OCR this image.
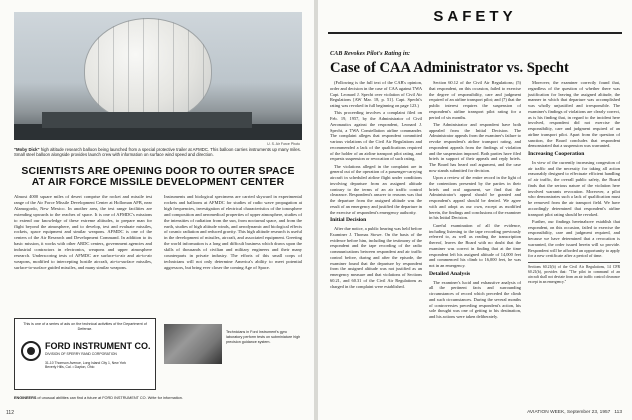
U. S. Air Force Photo
"Moby Dick" high altitude research balloon being launched from a special protective trailer at AFMDC. This balloon carries instruments up many miles. Small steel balloon alongside provides launch crew with information on surface wind speed and direction.
SCIENTISTS ARE OPENING DOOR TO OUTER SPACE AT AIR FORCE MISSILE DEVELOPMENT CENTER
Almost 4000 square miles of desert comprise the rocket and missile test range of the Air Force Missile Development Center at Holloman AFB, near Alamogordo, New Mexico. In another area, the test range facilities are extending upwards to the reaches of space. It is one of AFMDC's missions to extend our knowledge of these extreme altitudes, to prepare man for flight beyond the atmosphere, and to develop, test and evaluate missiles, rockets, space equipment and similar weapons. AFMDC is one of the centers of the Air Research and Development Command. In addition to its basic mission, it works with other ARDC centers, government agencies and industrial contractors in electronics, weapons and upper atmosphere research. Underscoring tests of AFMDC are surface-to-air and air-to-air weapons, modified to intercepting hostile aircraft, air-to-surface missiles, surface-to-surface guided missiles, and many similar weapons.
Instruments and biological specimens are carried skyward in experimental rockets and balloons at AFMDC for studies of radio wave propagation at high frequencies, investigation of electrical characteristics of the ionosphere and composition and aeromedical properties of upper atmosphere, studies of the intensities of radiation from the sun, from nocturnal space, and from the earth, studies of high altitude winds, and aerodynamic and biological effects of cosmic radiation and reduced gravity. This high altitude research is useful in the development of missiles, aircraft, and associated equipment. Greeting the world information is a long and difficult business which draws upon the skills of thousands of civilian and military engineers and their many counterparts in private industry. The efforts of this small corps of technicians will not only determine America's ability to meet potential aggressors, but bring ever closer the coming Age of Space.
This is one of a series of ads on the technical activities of the Department of Defense.
FORD INSTRUMENT CO.
DIVISION OF SPERRY RAND CORPORATION
31-10 Thomson Avenue, Long Island City 1, New York
Beverly Hills, Cal. • Dayton, Ohio
Technicians in Ford Instrument's gyro laboratory perform tests on subminiature high precision guidance system.
ENGINEERS of unusual abilities can find a future at FORD INSTRUMENT CO. Write for information.
112
SAFETY
CAB Revokes Pilot's Rating in:
Case of CAA Administrator vs. Specht

(Following is the full text of the CAB's opinion, order and decision in the case of CAA against TWA Capt. Leonard J. Specht over violation of Civil Air Regulations [AW Mar. 18, p. 51]. Capt. Specht's rating was revoked in full beginning on page 123.)

This proceeding involves a complaint filed on Feb. 19, 1957, by the Administrator of Civil Aeronautics against the respondent, Leonard J. Specht, a TWA Constellation airline commander. The complaint alleges that respondent committed various violations of the Civil Air Regulations and recommended a lack of the qualifications required of the holder of an airline transport pilot rating, and requests suspension or revocation of such rating.

The violations alleged in the complaint are in general out of the operation of a passenger-carrying aircraft in scheduled airline flight under conditions involving departure from an assigned altitude contrary to the terms of an air traffic control clearance. Respondent's answer to reasons was that the departure from the assigned altitude was the result of an emergency and justified the departure in the exercise of respondent's emergency authority.

Initial Decision

After due notice, a public hearing was held before Examiner J. Thomas Stowe. On the basis of the evidence before him, including the testimony of the respondent and the tape recording of the radio communications between respondent and air traffic control before, during and after the episode, the examiner found that the departure by respondent from the assigned altitude was not justified as an emergency measure and that violations of Sections 60.21, and 60.31 of the Civil Air Regulations as charged in the complaint were established.

Section 60.12 of the Civil Air Regulations; (5) that respondent, on this occasion, failed to exercise the degree of responsibility, care and judgment required of an airline transport pilot; and (7) that the public interest requires the suspension of respondent's airline transport pilot rating for a period of six months.

The Administrator and respondent have both appealed from the Initial Decision. The Administrator appeals from the examiner's failure to revoke respondent's airline transport rating, and respondent appeals from the findings of violation and the suspension imposed. Both parties have filed briefs in support of their appeals and reply briefs. The Board has heard oral argument, and the case now stands submitted for decision.

Upon a review of the entire record in the light of the contentions presented by the parties in their briefs and oral argument, we find that the Administrator's appeal should be granted and respondent's appeal should be denied. We agree with and adopt as our own, except as modified herein, the findings and conclusions of the examiner in his Initial Decision.

Careful examination of all the evidence, including listening to the tape recording previously referred to, as well as reading the transcription thereof, leaves the Board with no doubt that the examiner was correct in finding that at the time respondent left his assigned altitude of 14,000 feet and commenced his climb to 16,000 feet, he was not in an emergency.

Detailed Analysis

The examiner's lucid and exhaustive analysis of all the pertinent facts and surrounding circumstances of record which preceded the climb and such circumstances. During the several months of controversies preceding respondent's action, his sole thought was one of getting to his destination, and his actions were taken deliberately.

Moreover, the examiner correctly found that, regardless of the question of whether there was justification for leaving the assigned altitude, the manner in which that departure was accomplished was wholly unjustified and irresponsible. The examiner's findings of violations are clearly correct, as is his finding that, in regard to the incident here involved, respondent did not exercise the responsibility, care and judgment required of an airline transport pilot. Apart from the question of sanction, the Board concludes that respondent demonstrated that a suspension was warranted.

Increasing Cooperation

In view of the currently increasing congestion of air traffic and the necessity for taking all action reasonably designed to effectuate efficient handling of air traffic, the overall public safety, the Board finds that the serious nature of the violation here involved warrants revocation. Moreover, a pilot who demonstrates such a lack of qualification must be removed from the air transport field. We have accordingly determined that respondent's airline transport pilot rating should be revoked.

Further, our findings hereinabove establish that respondent, on this occasion, failed to exercise the responsibility, care and judgment required, and because we have determined that a revocation is warranted, the order issued herein will so provide. Respondent will be afforded an opportunity to apply for a new certificate after a period of time.

Sections 60.21(b) of the Civil Air Regulations, 14 CFR 60.21(b), provides that: "The pilot in command of an aircraft shall not deviate from an air traffic control clearance except in an emergency."
AVIATION WEEK, September 23, 1957 113
